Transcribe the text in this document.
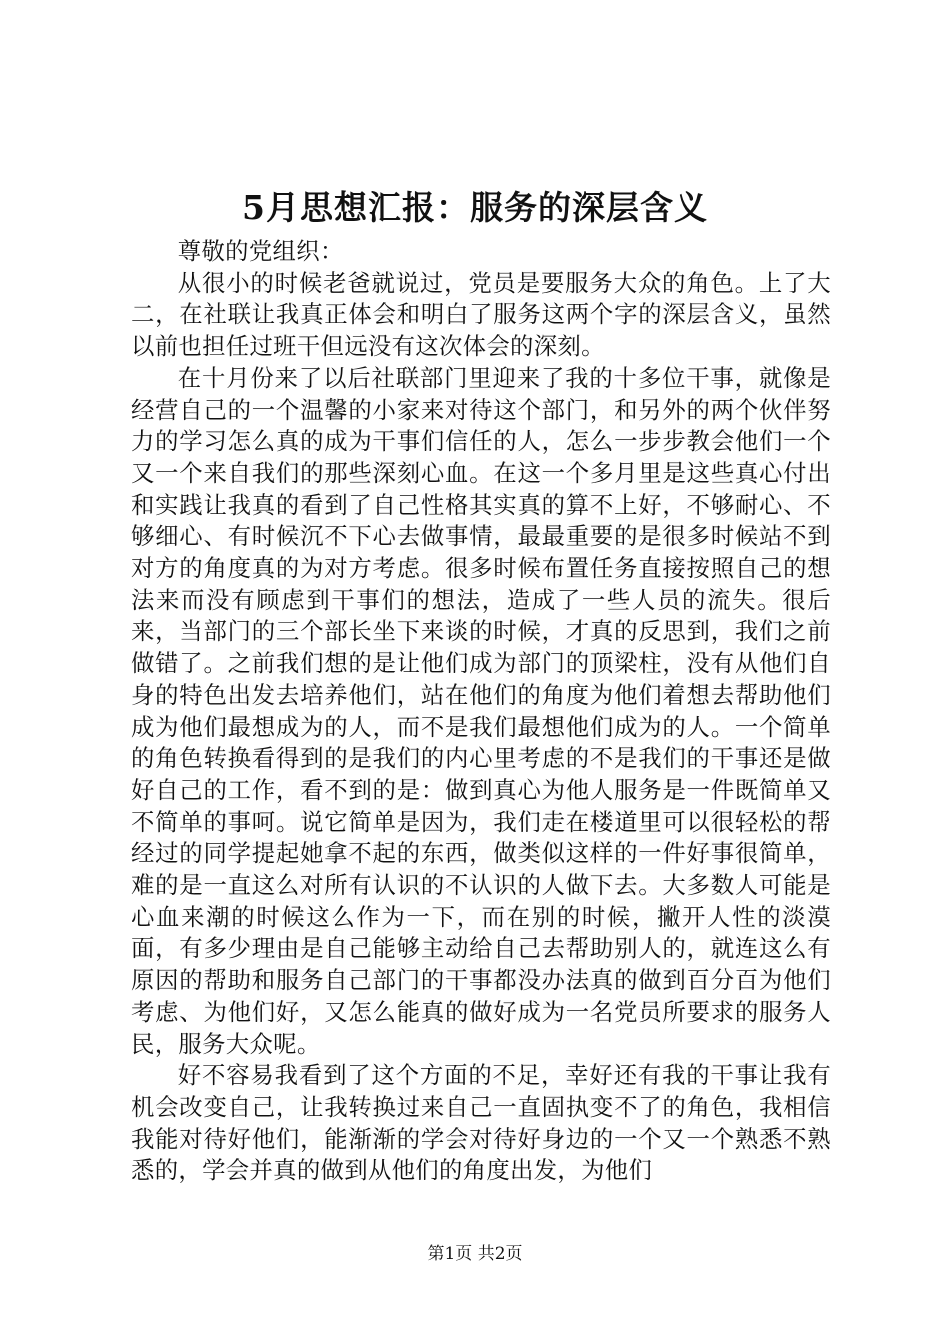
5月思想汇报：服务的深层含义

尊敬的党组织：

从很小的时候老爸就说过，党员是要服务大众的角色。上了大二，在社联让我真正体会和明白了服务这两个字的深层含义，虽然以前也担任过班干但远没有这次体会的深刻。

在十月份来了以后社联部门里迎来了我的十多位干事，就像是经营自己的一个温馨的小家来对待这个部门，和另外的两个伙伴努力的学习怎么真的成为干事们信任的人，怎么一步步教会他们一个又一个来自我们的那些深刻心血。在这一个多月里是这些真心付出和实践让我真的看到了自己性格其实真的算不上好，不够耐心、不够细心、有时候沉不下心去做事情，最最重要的是很多时候站不到对方的角度真的为对方考虑。很多时候布置任务直接按照自己的想法来而没有顾虑到干事们的想法，造成了一些人员的流失。很后来，当部门的三个部长坐下来谈的时候，才真的反思到，我们之前做错了。之前我们想的是让他们成为部门的顶梁柱，没有从他们自身的特色出发去培养他们，站在他们的角度为他们着想去帮助他们成为他们最想成为的人，而不是我们最想他们成为的人。一个简单的角色转换看得到的是我们的内心里考虑的不是我们的干事还是做好自己的工作，看不到的是：做到真心为他人服务是一件既简单又不简单的事呵。说它简单是因为，我们走在楼道里可以很轻松的帮经过的同学提起她拿不起的东西，做类似这样的一件好事很简单，难的是一直这么对所有认识的不认识的人做下去。大多数人可能是心血来潮的时候这么作为一下，而在别的时候，撇开人性的淡漠面，有多少理由是自己能够主动给自己去帮助别人的，就连这么有原因的帮助和服务自己部门的干事都没办法真的做到百分百为他们考虑、为他们好，又怎么能真的做好成为一名党员所要求的服务人民，服务大众呢。

好不容易我看到了这个方面的不足，幸好还有我的干事让我有机会改变自己，让我转换过来自己一直固执变不了的角色，我相信我能对待好他们，能渐渐的学会对待好身边的一个又一个熟悉不熟悉的，学会并真的做到从他们的角度出发，为他们

第1页 共2页
